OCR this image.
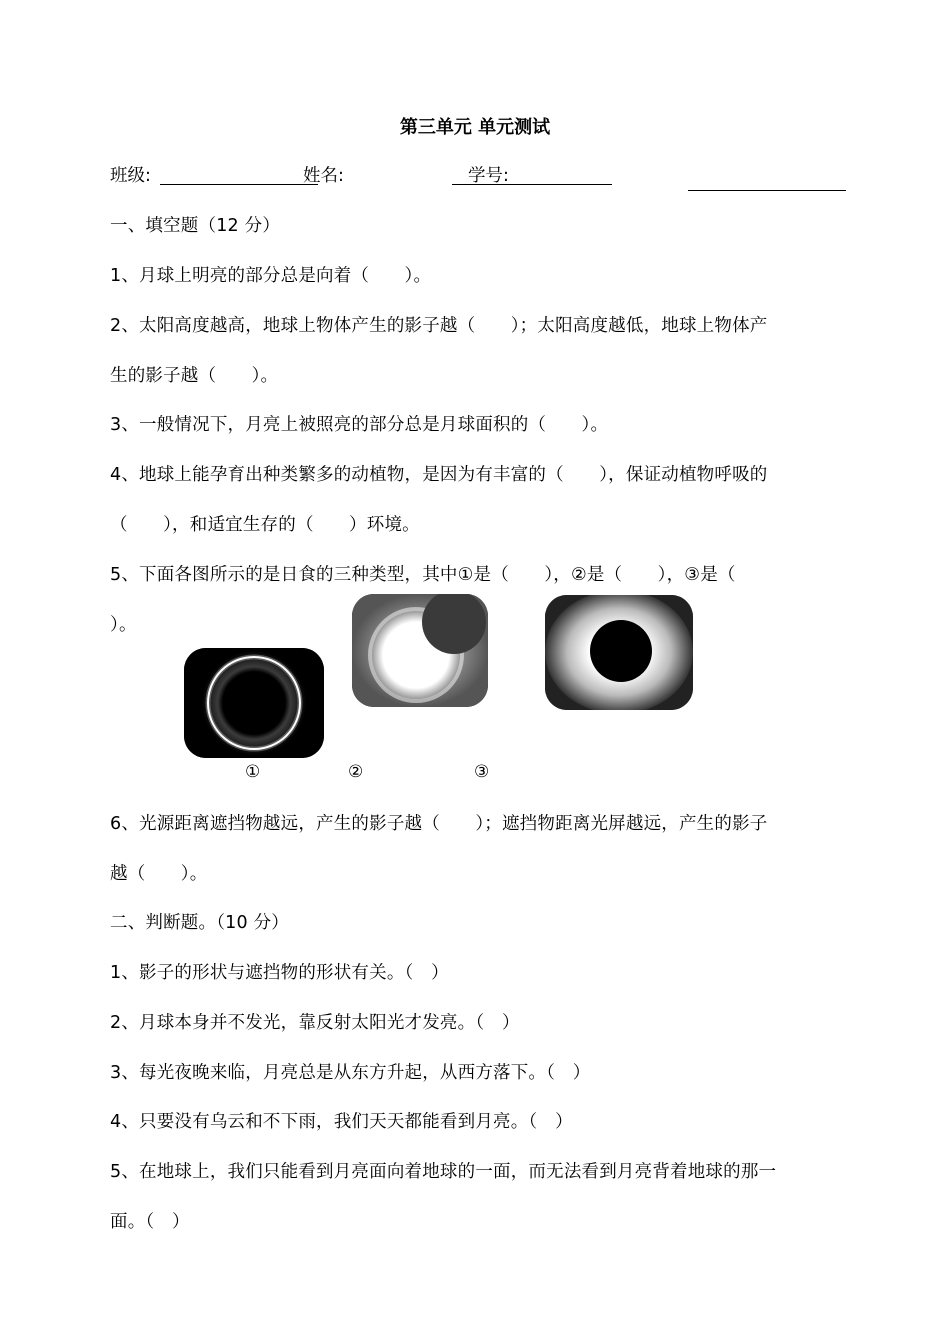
第三单元 单元测试
班级:	姓名:	学号:
一、填空题（12 分）
1、月球上明亮的部分总是向着（　　）。
2、太阳高度越高，地球上物体产生的影子越（　　）；太阳高度越低，地球上物体产
生的影子越（　　）。
3、一般情况下，月亮上被照亮的部分总是月球面积的（　　）。
4、地球上能孕育出种类繁多的动植物，是因为有丰富的（　　），保证动植物呼吸的
（　　），和适宜生存的（　　）环境。
5、下面各图所示的是日食的三种类型，其中①是（　　），②是（　　），③是（
）。
①	②	③
6、光源距离遮挡物越远，产生的影子越（　　）；遮挡物距离光屏越远，产生的影子
越（　　）。
二、判断题。（10 分）
1、影子的形状与遮挡物的形状有关。（　）
2、月球本身并不发光，靠反射太阳光才发亮。（　）
3、每光夜晚来临，月亮总是从东方升起，从西方落下。（　）
4、只要没有乌云和不下雨，我们天天都能看到月亮。（　）
5、在地球上，我们只能看到月亮面向着地球的一面，而无法看到月亮背着地球的那一
面。（　）
